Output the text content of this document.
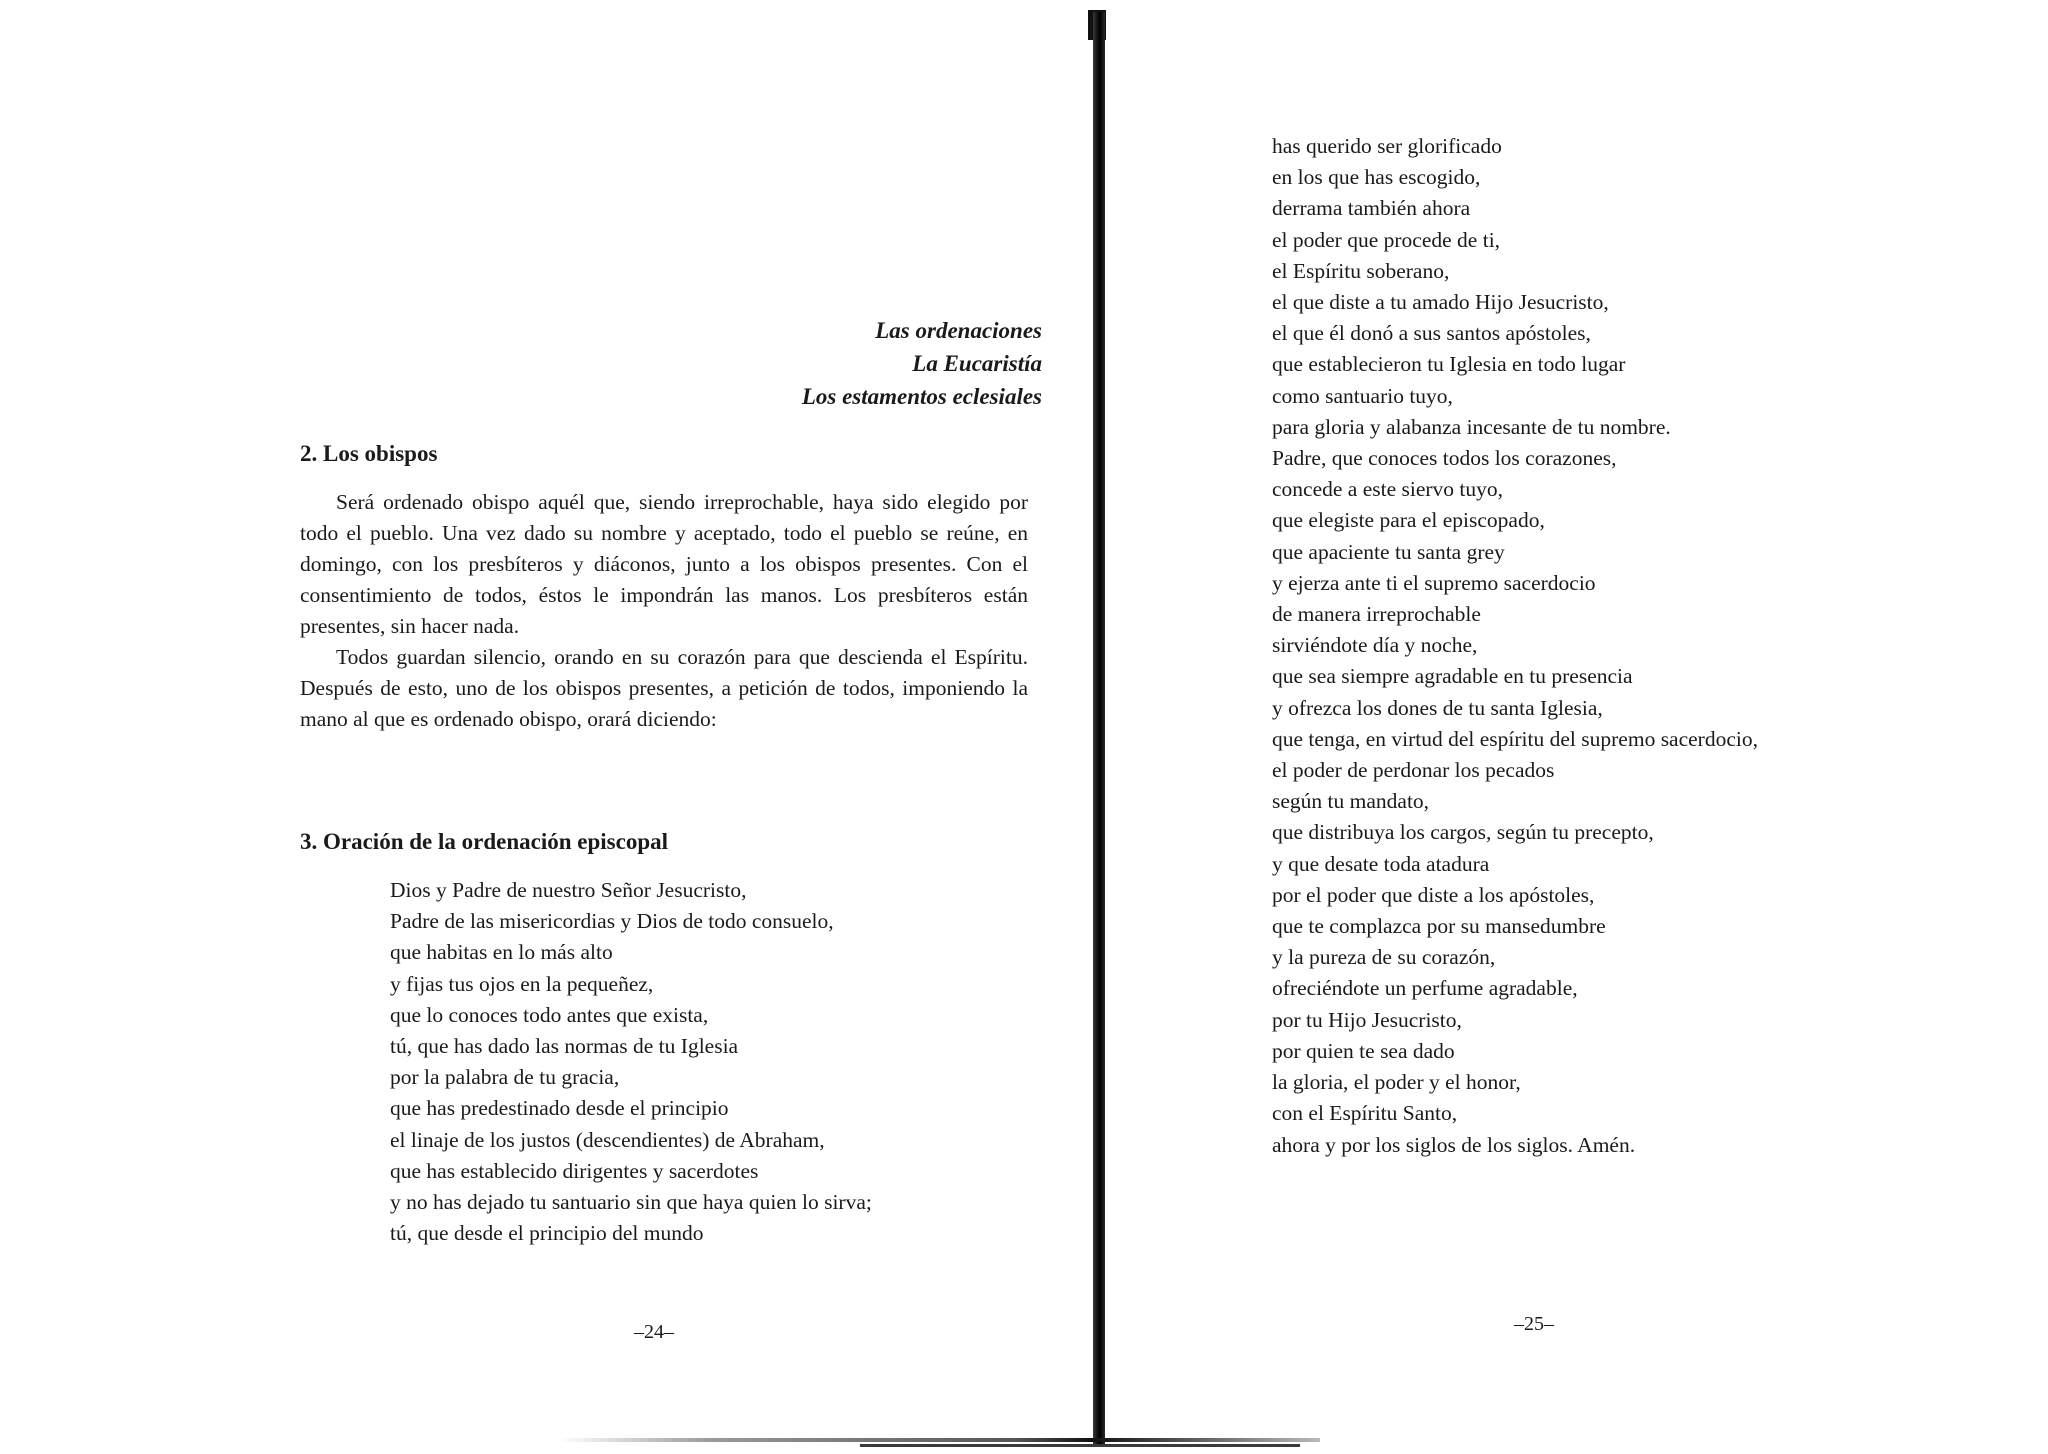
Las ordenaciones
La Eucaristía
Los estamentos eclesiales
2. Los obispos

Será ordenado obispo aquél que, siendo irreprochable, haya sido elegido por todo el pueblo. Una vez dado su nombre y aceptado, todo el pueblo se reúne, en domingo, con los presbíteros y diáconos, junto a los obispos presentes. Con el consentimiento de todos, éstos le impondrán las manos. Los presbíteros están presentes, sin hacer nada.

Todos guardan silencio, orando en su corazón para que descienda el Espíritu. Después de esto, uno de los obispos presentes, a petición de todos, imponiendo la mano al que es ordenado obispo, orará diciendo:

3. Oración de la ordenación episcopal
Dios y Padre de nuestro Señor Jesucristo,
Padre de las misericordias y Dios de todo consuelo,
que habitas en lo más alto
y fijas tus ojos en la pequeñez,
que lo conoces todo antes que exista,
tú, que has dado las normas de tu Iglesia
por la palabra de tu gracia,
que has predestinado desde el principio
el linaje de los justos (descendientes) de Abraham,
que has establecido dirigentes y sacerdotes
y no has dejado tu santuario sin que haya quien lo sirva;
tú, que desde el principio del mundo
–24–
has querido ser glorificado
en los que has escogido,
derrama también ahora
el poder que procede de ti,
el Espíritu soberano,
el que diste a tu amado Hijo Jesucristo,
el que él donó a sus santos apóstoles,
que establecieron tu Iglesia en todo lugar
como santuario tuyo,
para gloria y alabanza incesante de tu nombre.
Padre, que conoces todos los corazones,
concede a este siervo tuyo,
que elegiste para el episcopado,
que apaciente tu santa grey
y ejerza ante ti el supremo sacerdocio
de manera irreprochable
sirviéndote día y noche,
que sea siempre agradable en tu presencia
y ofrezca los dones de tu santa Iglesia,
que tenga, en virtud del espíritu del supremo sacerdocio,
el poder de perdonar los pecados
según tu mandato,
que distribuya los cargos, según tu precepto,
y que desate toda atadura
por el poder que diste a los apóstoles,
que te complazca por su mansedumbre
y la pureza de su corazón,
ofreciéndote un perfume agradable,
por tu Hijo Jesucristo,
por quien te sea dado
la gloria, el poder y el honor,
con el Espíritu Santo,
ahora y por los siglos de los siglos. Amén.
–25–
